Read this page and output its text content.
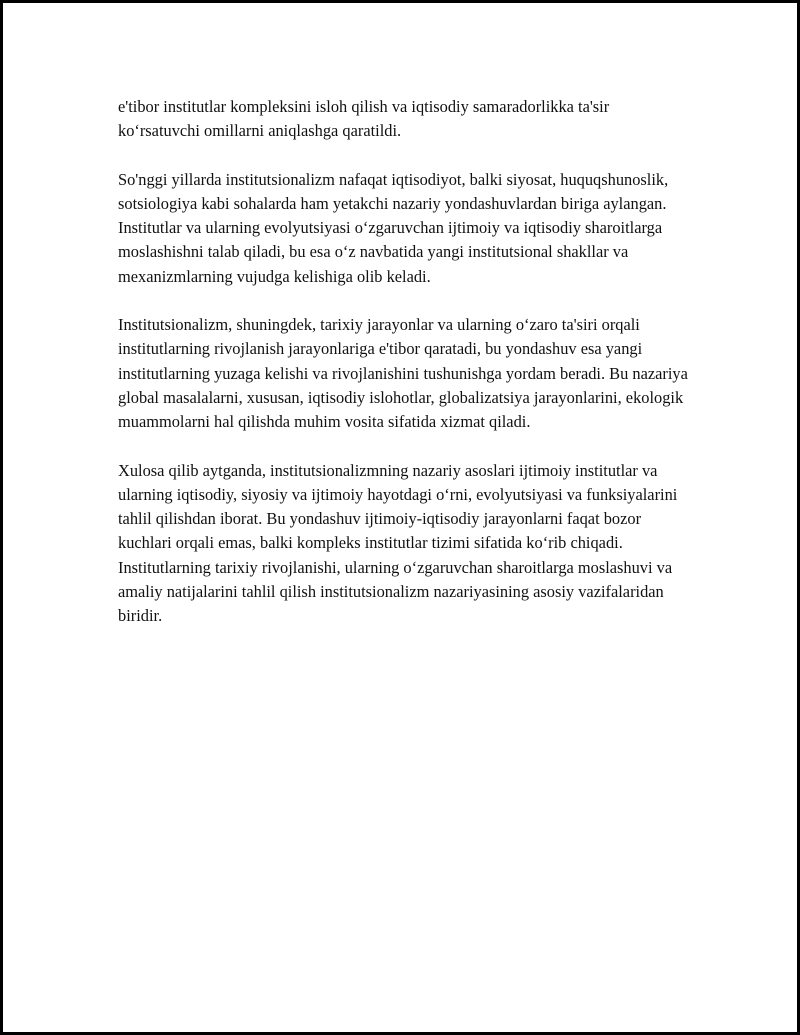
e'tibor institutlar kompleksini isloh qilish va iqtisodiy samaradorlikka ta'sir ko‘rsatuvchi omillarni aniqlashga qaratildi.

So'nggi yillarda institutsionalizm nafaqat iqtisodiyot, balki siyosat, huquqshunoslik, sotsiologiya kabi sohalarda ham yetakchi nazariy yondashuvlardan biriga aylangan. Institutlar va ularning evolyutsiyasi o‘zgaruvchan ijtimoiy va iqtisodiy sharoitlarga moslashishni talab qiladi, bu esa o‘z navbatida yangi institutsional shakllar va mexanizmlarning vujudga kelishiga olib keladi.

Institutsionalizm, shuningdek, tarixiy jarayonlar va ularning o‘zaro ta'siri orqali institutlarning rivojlanish jarayonlariga e'tibor qaratadi, bu yondashuv esa yangi institutlarning yuzaga kelishi va rivojlanishini tushunishga yordam beradi. Bu nazariya global masalalarni, xususan, iqtisodiy islohotlar, globalizatsiya jarayonlarini, ekologik muammolarni hal qilishda muhim vosita sifatida xizmat qiladi.

Xulosa qilib aytganda, institutsionalizmning nazariy asoslari ijtimoiy institutlar va ularning iqtisodiy, siyosiy va ijtimoiy hayotdagi o‘rni, evolyutsiyasi va funksiyalarini tahlil qilishdan iborat. Bu yondashuv ijtimoiy-iqtisodiy jarayonlarni faqat bozor kuchlari orqali emas, balki kompleks institutlar tizimi sifatida ko‘rib chiqadi. Institutlarning tarixiy rivojlanishi, ularning o‘zgaruvchan sharoitlarga moslashuvi va amaliy natijalarini tahlil qilish institutsionalizm nazariyasining asosiy vazifalaridan biridir.
